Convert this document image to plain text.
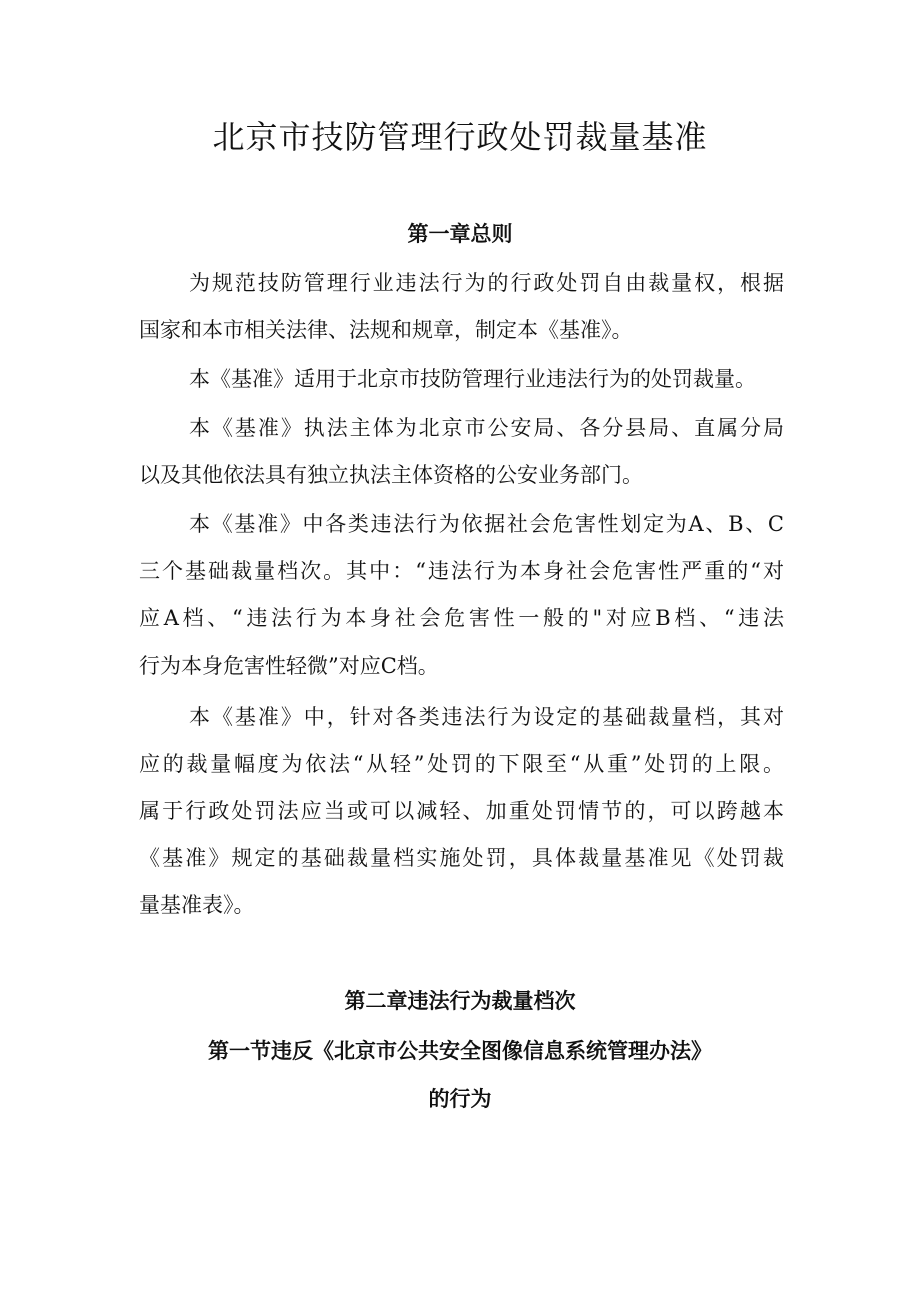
北京市技防管理行政处罚裁量基准
第一章总则
为规范技防管理行业违法行为的行政处罚自由裁量权，根据
国家和本市相关法律、法规和规章，制定本《基准》。
本《基准》适用于北京市技防管理行业违法行为的处罚裁量。
本《基准》执法主体为北京市公安局、各分县局、直属分局
以及其他依法具有独立执法主体资格的公安业务部门。
本《基准》中各类违法行为依据社会危害性划定为A、B、C
三个基础裁量档次。其中：“违法行为本身社会危害性严重的“对
应A档、“违法行为本身社会危害性一般的"对应B档、“违法
行为本身危害性轻微”对应C档。
本《基准》中，针对各类违法行为设定的基础裁量档，其对
应的裁量幅度为依法“从轻”处罚的下限至“从重”处罚的上限。
属于行政处罚法应当或可以减轻、加重处罚情节的，可以跨越本
《基准》规定的基础裁量档实施处罚，具体裁量基准见《处罚裁
量基准表》。
第二章违法行为裁量档次
第一节违反《北京市公共安全图像信息系统管理办法》
的行为
